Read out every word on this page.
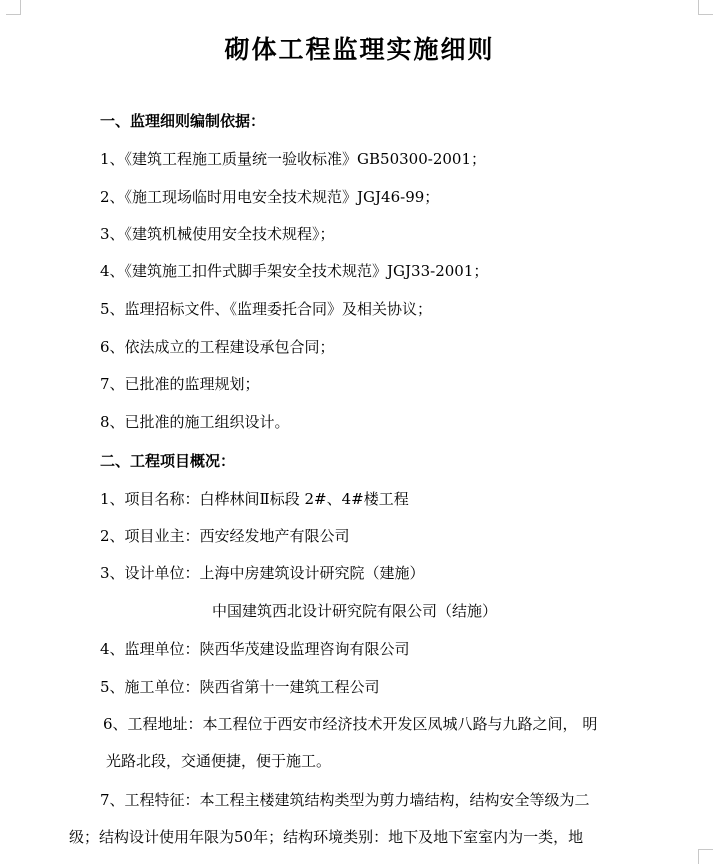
砌体工程监理实施细则
一、监理细则编制依据：
1、《建筑工程施工质量统一验收标准》GB50300-2001；
2、《施工现场临时用电安全技术规范》JGJ46-99；
3、《建筑机械使用安全技术规程》；
4、《建筑施工扣件式脚手架安全技术规范》JGJ33-2001；
5、监理招标文件、《监理委托合同》及相关协议；
6、依法成立的工程建设承包合同；
7、已批准的监理规划；
8、已批准的施工组织设计。
二、工程项目概况：
1、项目名称：白桦林间Ⅱ标段 2#、4#楼工程
2、项目业主：西安经发地产有限公司
3、设计单位：上海中房建筑设计研究院（建施）
中国建筑西北设计研究院有限公司（结施）
4、监理单位：陕西华茂建设监理咨询有限公司
5、施工单位：陕西省第十一建筑工程公司
6、工程地址：本工程位于西安市经济技术开发区凤城八路与九路之间， 明
光路北段，交通便捷，便于施工。
7、工程特征：本工程主楼建筑结构类型为剪力墙结构，结构安全等级为二
级；结构设计使用年限为50年；结构环境类别：地下及地下室室内为一类，地
